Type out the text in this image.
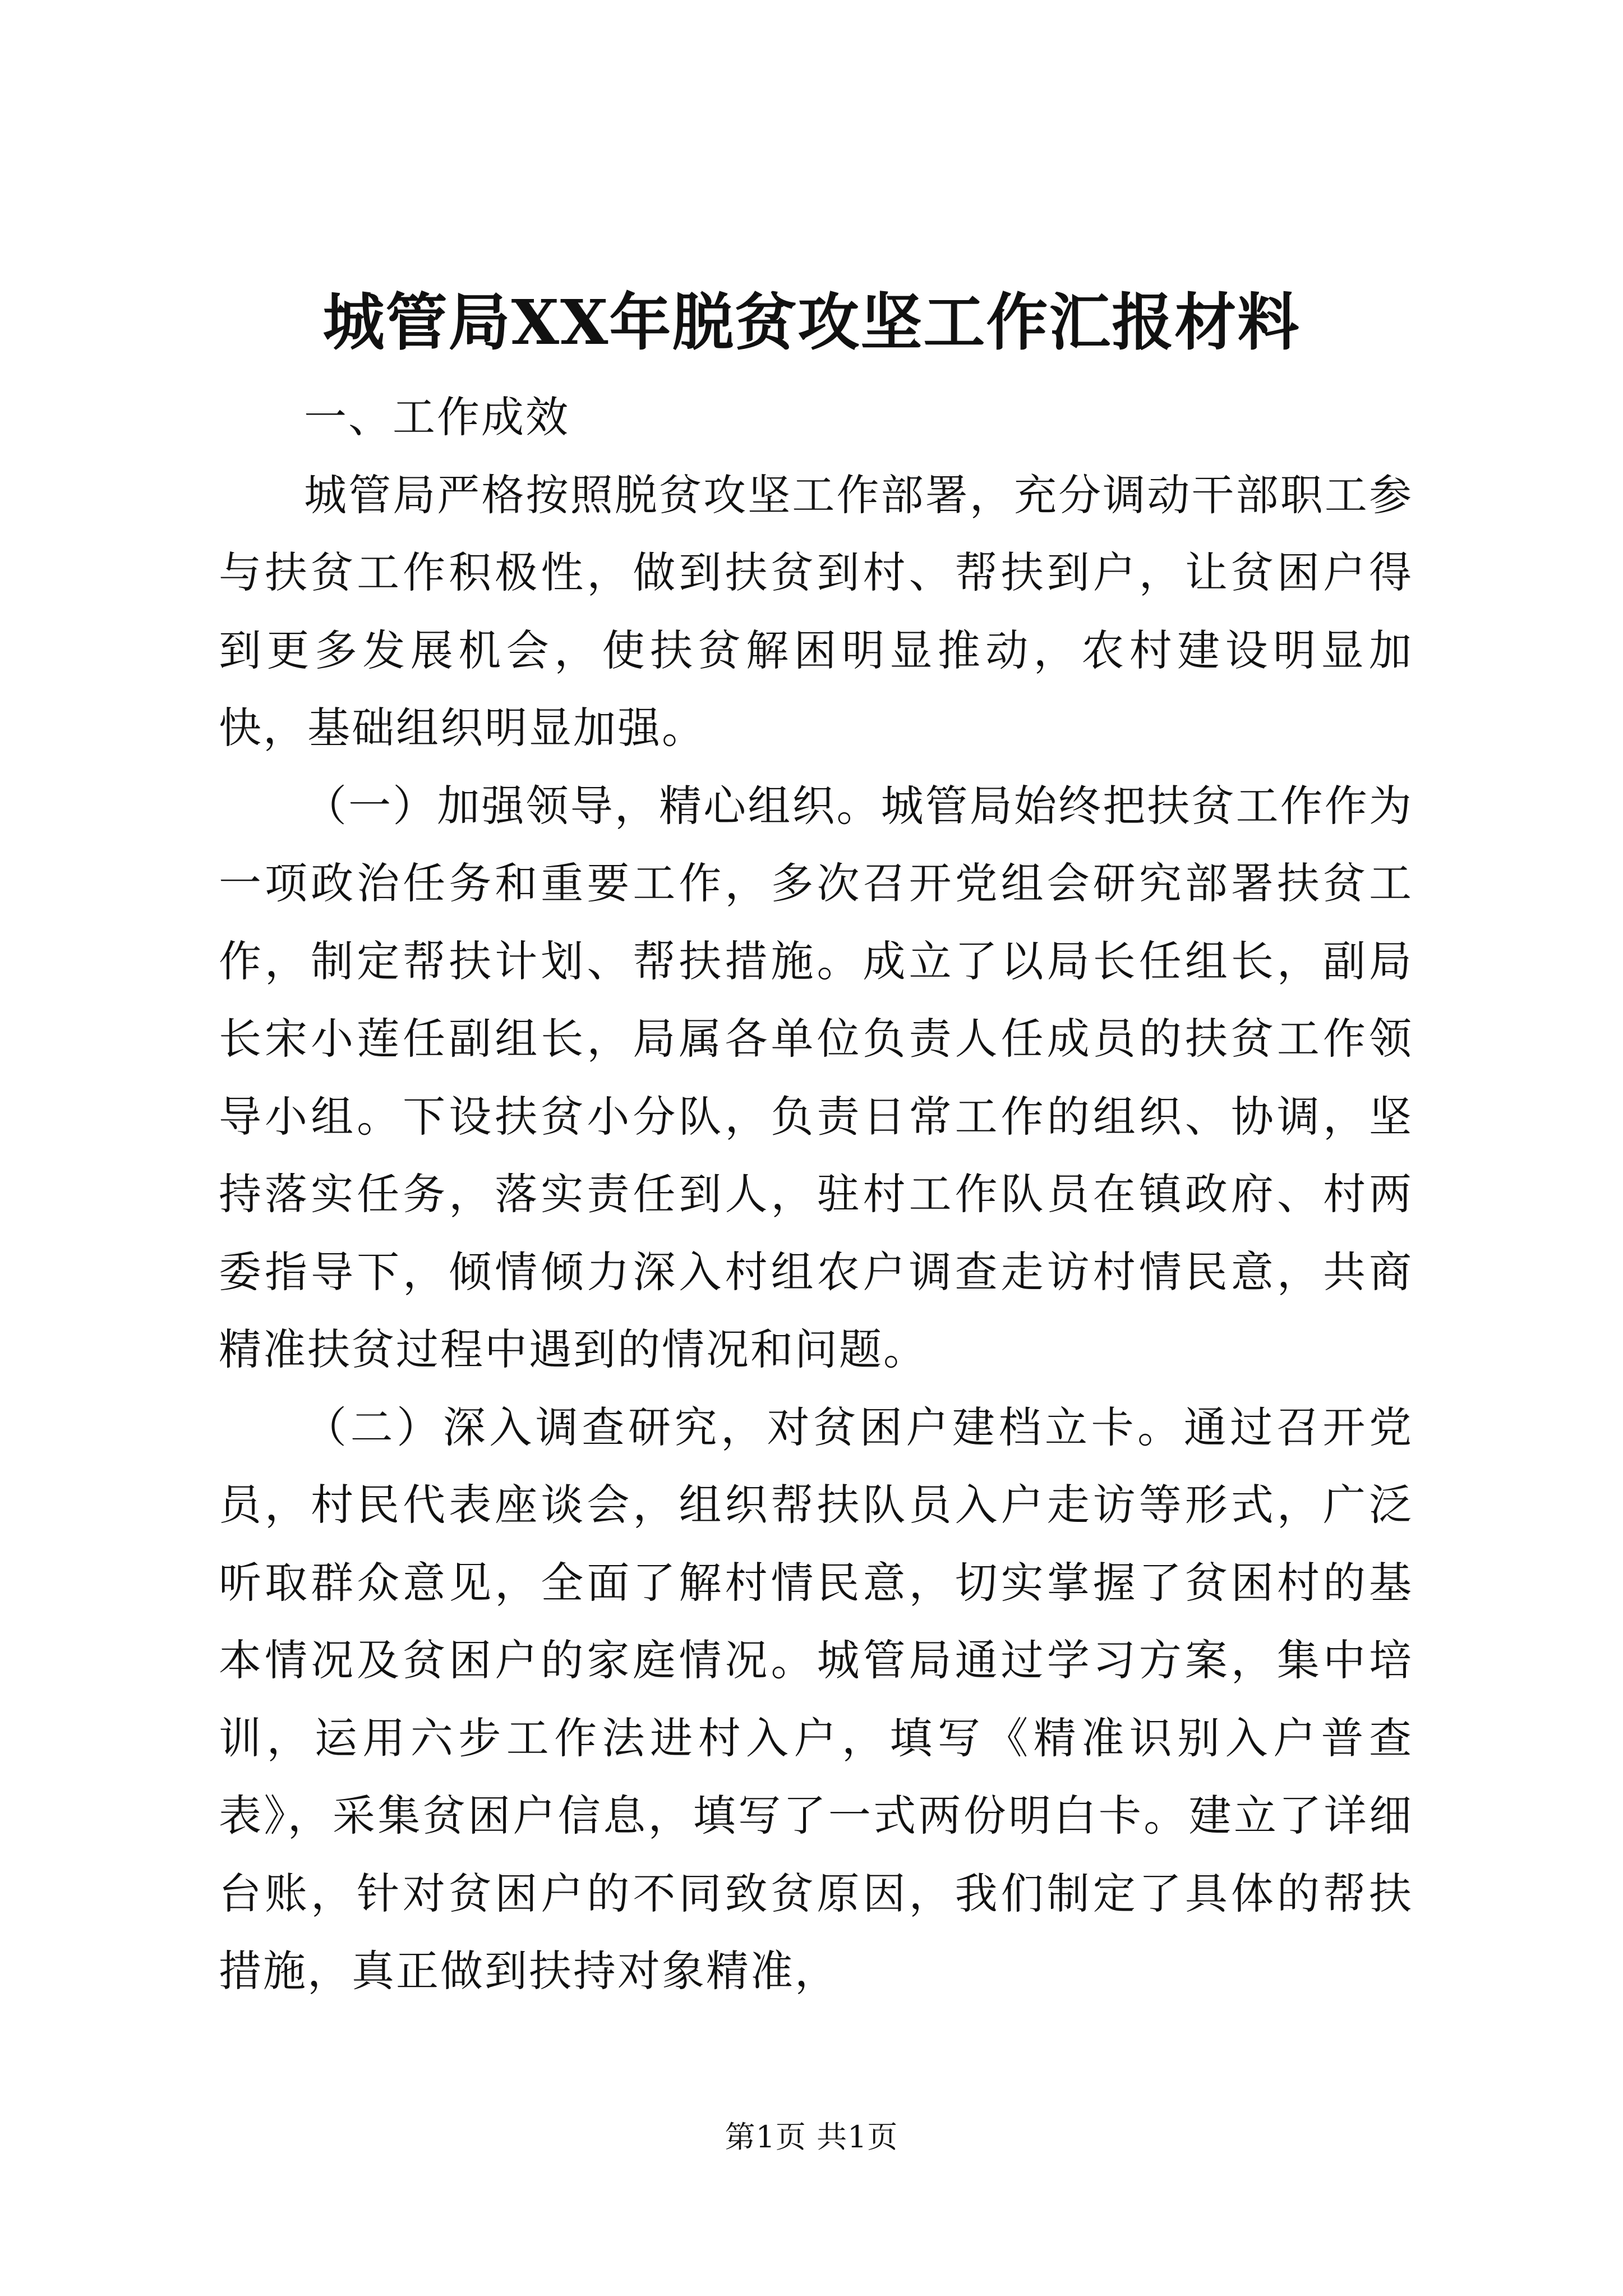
城管局XX年脱贫攻坚工作汇报材料

一、工作成效

城管局严格按照脱贫攻坚工作部署，充分调动干部职工参与扶贫工作积极性，做到扶贫到村、帮扶到户，让贫困户得到更多发展机会，使扶贫解困明显推动，农村建设明显加快，基础组织明显加强。

（一）加强领导，精心组织。城管局始终把扶贫工作作为一项政治任务和重要工作，多次召开党组会研究部署扶贫工作，制定帮扶计划、帮扶措施。成立了以局长任组长，副局长宋小莲任副组长，局属各单位负责人任成员的扶贫工作领导小组。下设扶贫小分队，负责日常工作的组织、协调，坚持落实任务，落实责任到人，驻村工作队员在镇政府、村两委指导下，倾情倾力深入村组农户调查走访村情民意，共商精准扶贫过程中遇到的情况和问题。

（二）深入调查研究，对贫困户建档立卡。通过召开党员，村民代表座谈会，组织帮扶队员入户走访等形式，广泛听取群众意见，全面了解村情民意，切实掌握了贫困村的基本情况及贫困户的家庭情况。城管局通过学习方案，集中培训，运用六步工作法进村入户，填写《精准识别入户普查表》，采集贫困户信息，填写了一式两份明白卡。建立了详细台账，针对贫困户的不同致贫原因，我们制定了具体的帮扶措施，真正做到扶持对象精准，

第1页 共1页
